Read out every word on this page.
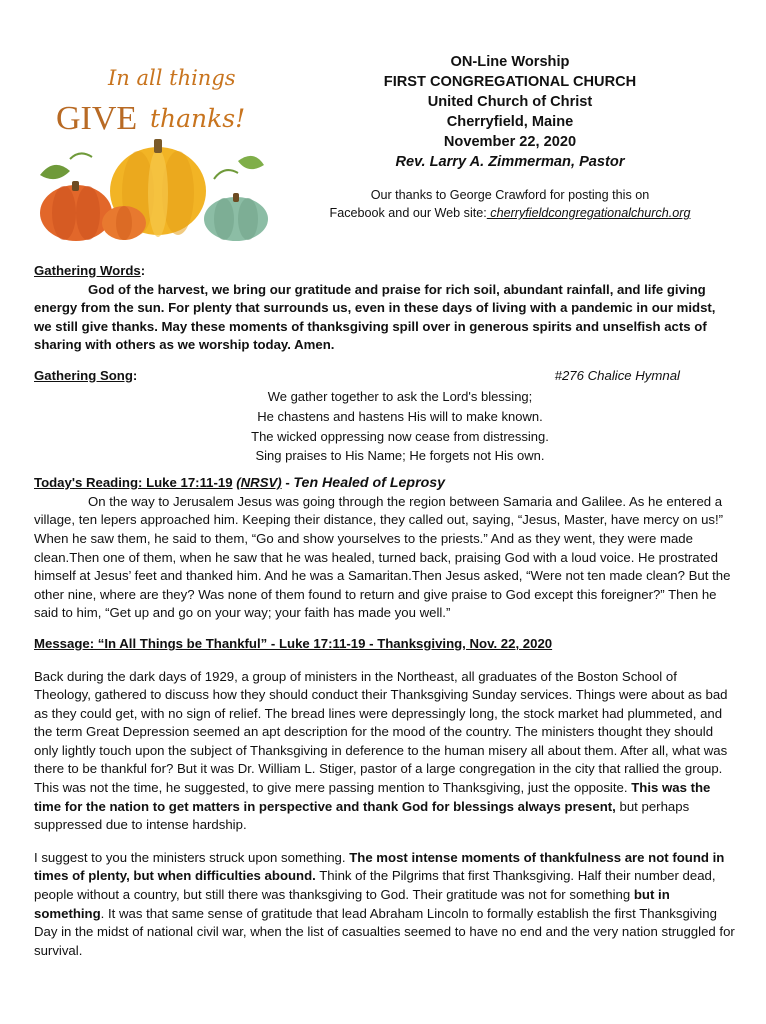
In all things
GIVE thanks!
ON-Line Worship
FIRST CONGREGATIONAL CHURCH
United Church of Christ
Cherryfield, Maine
November 22, 2020
Rev. Larry A. Zimmerman, Pastor
Our thanks to George Crawford for posting this on
Facebook and our Web site: cherryfieldcongregationalchurch.org
Gathering Words:

God of the harvest, we bring our gratitude and praise for rich soil, abundant rainfall, and life giving energy from the sun. For plenty that surrounds us, even in these days of living with a pandemic in our midst, we still give thanks. May these moments of thanksgiving spill over in generous spirits and unselfish acts of sharing with others as we worship today. Amen.

Gathering Song:	#276 Chalice Hymnal
We gather together to ask the Lord's blessing;
He chastens and hastens His will to make known.
The wicked oppressing now cease from distressing.
Sing praises to His Name; He forgets not His own.
Today's Reading: Luke 17:11-19 (NRSV) - Ten Healed of Leprosy

On the way to Jerusalem Jesus was going through the region between Samaria and Galilee. As he entered a village, ten lepers approached him. Keeping their distance, they called out, saying, “Jesus, Master, have mercy on us!” When he saw them, he said to them, “Go and show yourselves to the priests.” And as they went, they were made clean.Then one of them, when he saw that he was healed, turned back, praising God with a loud voice. He prostrated himself at Jesus’ feet and thanked him. And he was a Samaritan.Then Jesus asked, “Were not ten made clean? But the other nine, where are they? Was none of them found to return and give praise to God except this foreigner?” Then he said to him, “Get up and go on your way; your faith has made you well.”

Message: “In All Things be Thankful” - Luke 17:11-19 - Thanksgiving, Nov. 22, 2020

Back during the dark days of 1929, a group of ministers in the Northeast, all graduates of the Boston School of Theology, gathered to discuss how they should conduct their Thanksgiving Sunday services. Things were about as bad as they could get, with no sign of relief. The bread lines were depressingly long, the stock market had plummeted, and the term Great Depression seemed an apt description for the mood of the country. The ministers thought they should only lightly touch upon the subject of Thanksgiving in deference to the human misery all about them. After all, what was there to be thankful for? But it was Dr. William L. Stiger, pastor of a large congregation in the city that rallied the group. This was not the time, he suggested, to give mere passing mention to Thanksgiving, just the opposite. This was the time for the nation to get matters in perspective and thank God for blessings always present, but perhaps suppressed due to intense hardship.

I suggest to you the ministers struck upon something. The most intense moments of thankfulness are not found in times of plenty, but when difficulties abound. Think of the Pilgrims that first Thanksgiving. Half their number dead, people without a country, but still there was thanksgiving to God. Their gratitude was not for something but in something. It was that same sense of gratitude that lead Abraham Lincoln to formally establish the first Thanksgiving Day in the midst of national civil war, when the list of casualties seemed to have no end and the very nation struggled for survival.
